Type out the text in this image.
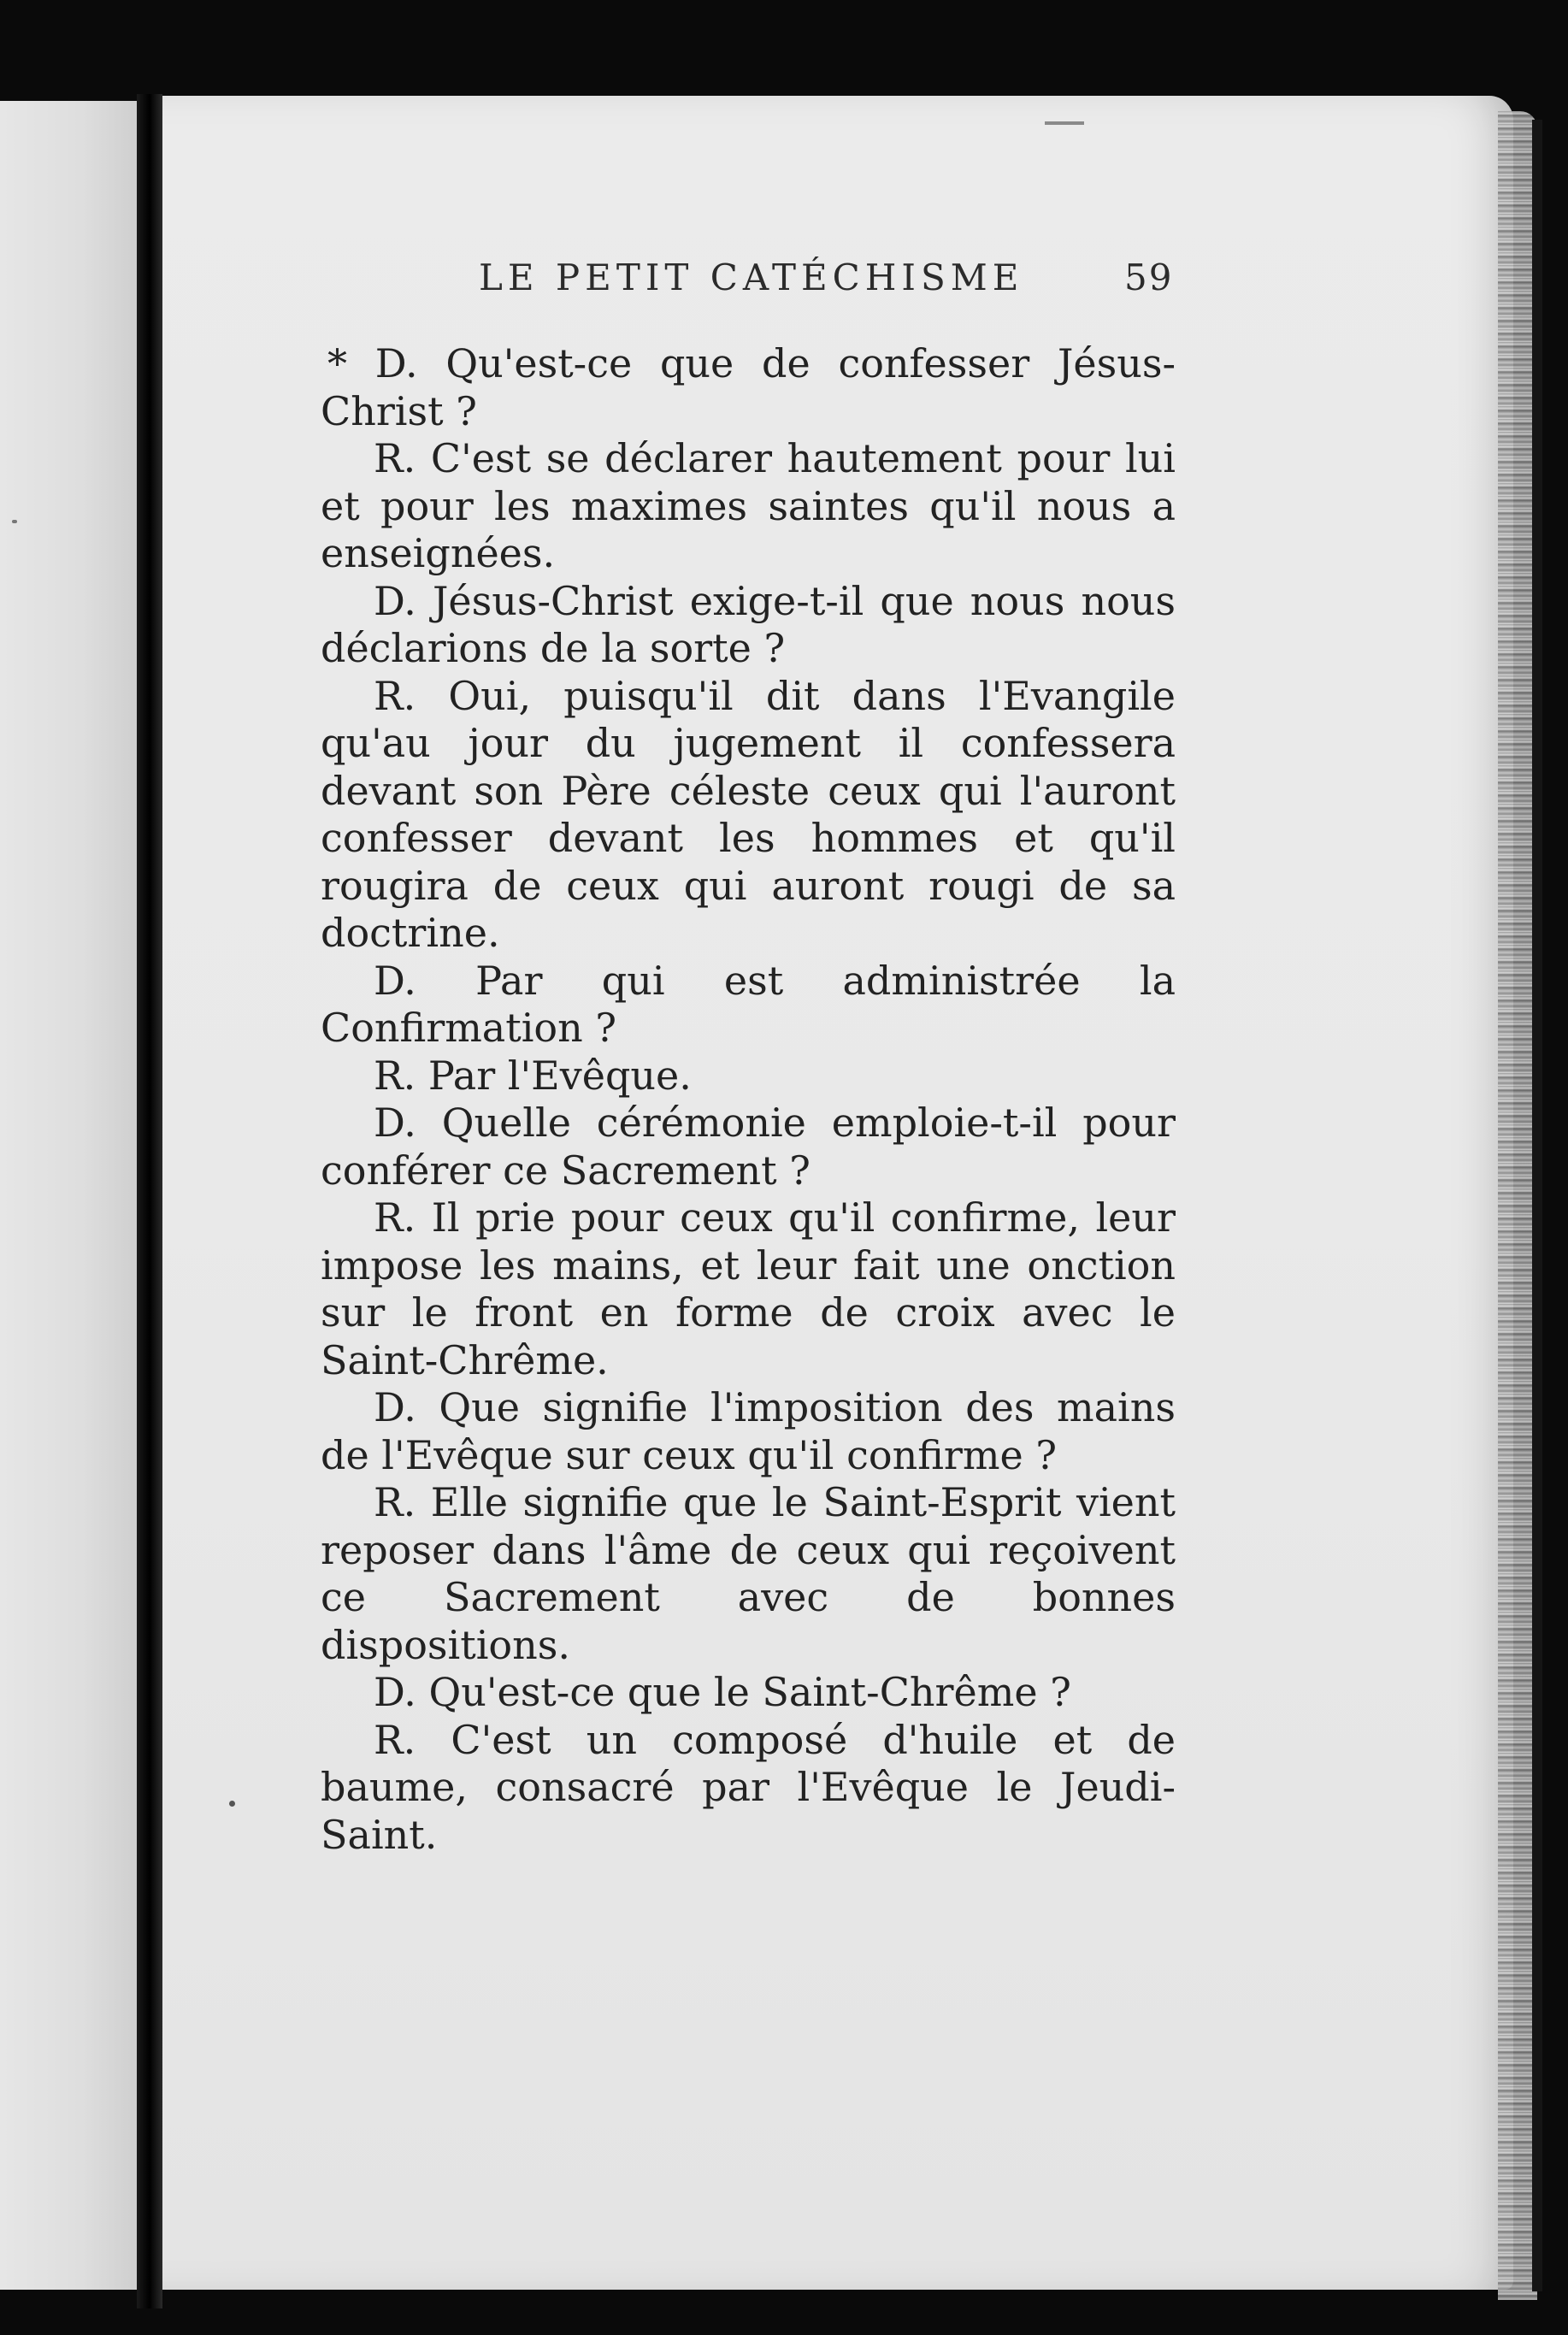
LE PETIT CATÉCHISME	59

* D. Qu'est-ce que de confesser Jésus-Christ ?

R. C'est se déclarer hautement pour lui et pour les maximes saintes qu'il nous a enseignées.

D. Jésus-Christ exige-t-il que nous nous déclarions de la sorte ?

R. Oui, puisqu'il dit dans l'Evangile qu'au jour du jugement il confessera devant son Père céleste ceux qui l'auront confesser devant les hommes et qu'il rougira de ceux qui auront rougi de sa doctrine.

D. Par qui est administrée la Confirmation ?

R. Par l'Evêque.

D. Quelle cérémonie emploie-t-il pour conférer ce Sacrement ?

R. Il prie pour ceux qu'il confirme, leur impose les mains, et leur fait une onction sur le front en forme de croix avec le Saint-Chrême.

D. Que signifie l'imposition des mains de l'Evêque sur ceux qu'il confirme ?

R. Elle signifie que le Saint-Esprit vient reposer dans l'âme de ceux qui reçoivent ce Sacrement avec de bonnes dispositions.

D. Qu'est-ce que le Saint-Chrême ?

R. C'est un composé d'huile et de baume, consacré par l'Evêque le Jeudi-Saint.
